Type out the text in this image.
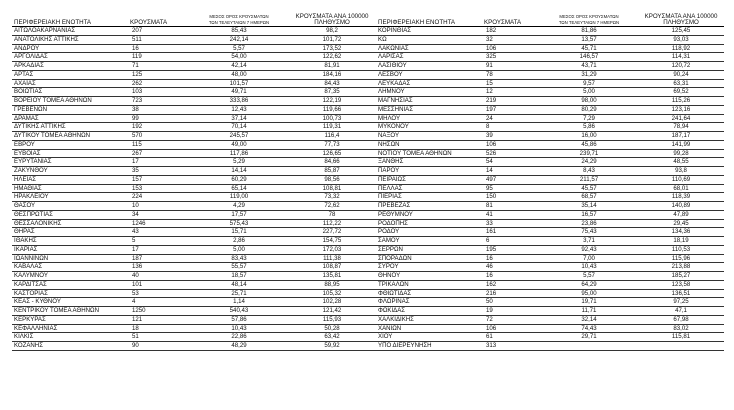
ΠΕΡΙΦΕΡΕΙΑΚΗ ΕΝΟΤΗΤΑ	ΚΡΟΥΣΜΑΤΑ	ΜΕΣΟΣ ΟΡΟΣ ΚΡΟΥΣΜΑΤΩΝ
ΤΩΝ ΤΕΛΕΥΤΑΙΩΝ 7 ΗΜΕΡΩΝ	ΚΡΟΥΣΜΑΤΑ ΑΝΑ 100000
ΠΛΗΘΥΣΜΟ
ΑΙΤΩΛΟΑΚΑΡΝΑΝΙΑΣ	207	85,43	98,2
ΑΝΑΤΟΛΙΚΗΣ ΑΤΤΙΚΗΣ	511	242,14	101,72
ΑΝΔΡΟΥ	16	5,57	173,52
ΑΡΓΟΛΙΔΑΣ	119	54,00	122,62
ΑΡΚΑΔΙΑΣ	71	42,14	81,91
ΑΡΤΑΣ	125	48,00	184,16
ΑΧΑΪΑΣ	262	101,57	84,43
ΒΟΙΩΤΙΑΣ	103	49,71	87,35
ΒΟΡΕΙΟΥ ΤΟΜΕΑ ΑΘΗΝΩΝ	723	333,86	122,19
ΓΡΕΒΕΝΩΝ	38	12,43	119,66
ΔΡΑΜΑΣ	99	37,14	100,73
ΔΥΤΙΚΗΣ ΑΤΤΙΚΗΣ	192	70,14	119,31
ΔΥΤΙΚΟΥ ΤΟΜΕΑ ΑΘΗΝΩΝ	570	245,57	116,4
ΕΒΡΟΥ	115	49,00	77,73
ΕΥΒΟΙΑΣ	267	117,86	126,65
ΕΥΡΥΤΑΝΙΑΣ	17	5,29	84,66
ΖΑΚΥΝΘΟΥ	35	14,14	85,87
ΗΛΕΙΑΣ	157	60,29	98,56
ΗΜΑΘΙΑΣ	153	65,14	108,81
ΗΡΑΚΛΕΙΟΥ	224	119,00	73,32
ΘΑΣΟΥ	10	4,29	72,62
ΘΕΣΠΡΩΤΙΑΣ	34	17,57	78
ΘΕΣΣΑΛΟΝΙΚΗΣ	1246	575,43	112,22
ΘΗΡΑΣ	43	15,71	227,72
ΙΘΑΚΗΣ	5	2,86	154,75
ΙΚΑΡΙΑΣ	17	5,00	172,03
ΙΩΑΝΝΙΝΩΝ	187	83,43	111,38
ΚΑΒΑΛΑΣ	136	55,57	108,87
ΚΑΛΥΜΝΟΥ	40	18,57	135,81
ΚΑΡΔΙΤΣΑΣ	101	48,14	88,95
ΚΑΣΤΟΡΙΑΣ	53	25,71	105,32
ΚΕΑΣ - ΚΥΘΝΟΥ	4	1,14	102,28
ΚΕΝΤΡΙΚΟΥ ΤΟΜΕΑ ΑΘΗΝΩΝ	1250	540,43	121,42
ΚΕΡΚΥΡΑΣ	121	57,86	115,93
ΚΕΦΑΛΛΗΝΙΑΣ	18	10,43	50,28
ΚΙΛΚΙΣ	51	22,86	63,42
ΚΟΖΑΝΗΣ	90	48,29	59,92
ΠΕΡΙΦΕΡΕΙΑΚΗ ΕΝΟΤΗΤΑ	ΚΡΟΥΣΜΑΤΑ	ΜΕΣΟΣ ΟΡΟΣ ΚΡΟΥΣΜΑΤΩΝ
ΤΩΝ ΤΕΛΕΥΤΑΙΩΝ 7 ΗΜΕΡΩΝ	ΚΡΟΥΣΜΑΤΑ ΑΝΑ 100000
ΠΛΗΘΥΣΜΟ
ΚΟΡΙΝΘΙΑΣ	182	81,86	125,45
ΚΩ	32	13,57	93,03
ΛΑΚΩΝΙΑΣ	106	45,71	118,92
ΛΑΡΙΣΑΣ	325	146,57	114,31
ΛΑΣΙΘΙΟΥ	91	43,71	120,72
ΛΕΣΒΟΥ	78	31,29	90,24
ΛΕΥΚΑΔΑΣ	15	9,57	63,31
ΛΗΜΝΟΥ	12	5,00	69,52
ΜΑΓΝΗΣΙΑΣ	219	98,00	115,26
ΜΕΣΣΗΝΙΑΣ	197	80,29	123,16
ΜΗΛΟΥ	24	7,29	241,64
ΜΥΚΟΝΟΥ	8	5,86	78,94
ΝΑΞΟΥ	39	16,00	187,17
ΝΗΣΩΝ	106	45,86	141,99
ΝΟΤΙΟΥ ΤΟΜΕΑ ΑΘΗΝΩΝ	526	239,71	99,28
ΞΑΝΘΗΣ	54	24,29	48,55
ΠΑΡΟΥ	14	8,43	93,8
ΠΕΙΡΑΙΩΣ	497	211,57	110,69
ΠΕΛΛΑΣ	95	45,57	68,01
ΠΙΕΡΙΑΣ	150	68,57	118,39
ΠΡΕΒΕΖΑΣ	81	35,14	140,89
ΡΕΘΥΜΝΟΥ	41	16,57	47,89
ΡΟΔΟΠΗΣ	33	23,86	29,45
ΡΟΔΟΥ	161	75,43	134,36
ΣΑΜΟΥ	6	3,71	18,19
ΣΕΡΡΩΝ	195	92,43	110,53
ΣΠΟΡΑΔΩΝ	16	7,00	115,96
ΣΥΡΟΥ	46	10,43	213,88
ΘΗΝΟΥ	16	5,57	185,27
ΤΡΙΚΑΛΩΝ	162	64,29	123,58
ΦΘΙΩΤΙΔΑΣ	216	95,00	136,51
ΦΛΩΡΙΝΑΣ	50	19,71	97,25
ΦΩΚΙΔΑΣ	19	11,71	47,1
ΧΑΛΚΙΔΙΚΗΣ	72	32,14	67,98
ΧΑΝΙΩΝ	106	74,43	83,02
ΧΙΟΥ	61	29,71	115,81
ΥΠΟ ΔΙΕΡΕΥΝΗΣΗ	313		
